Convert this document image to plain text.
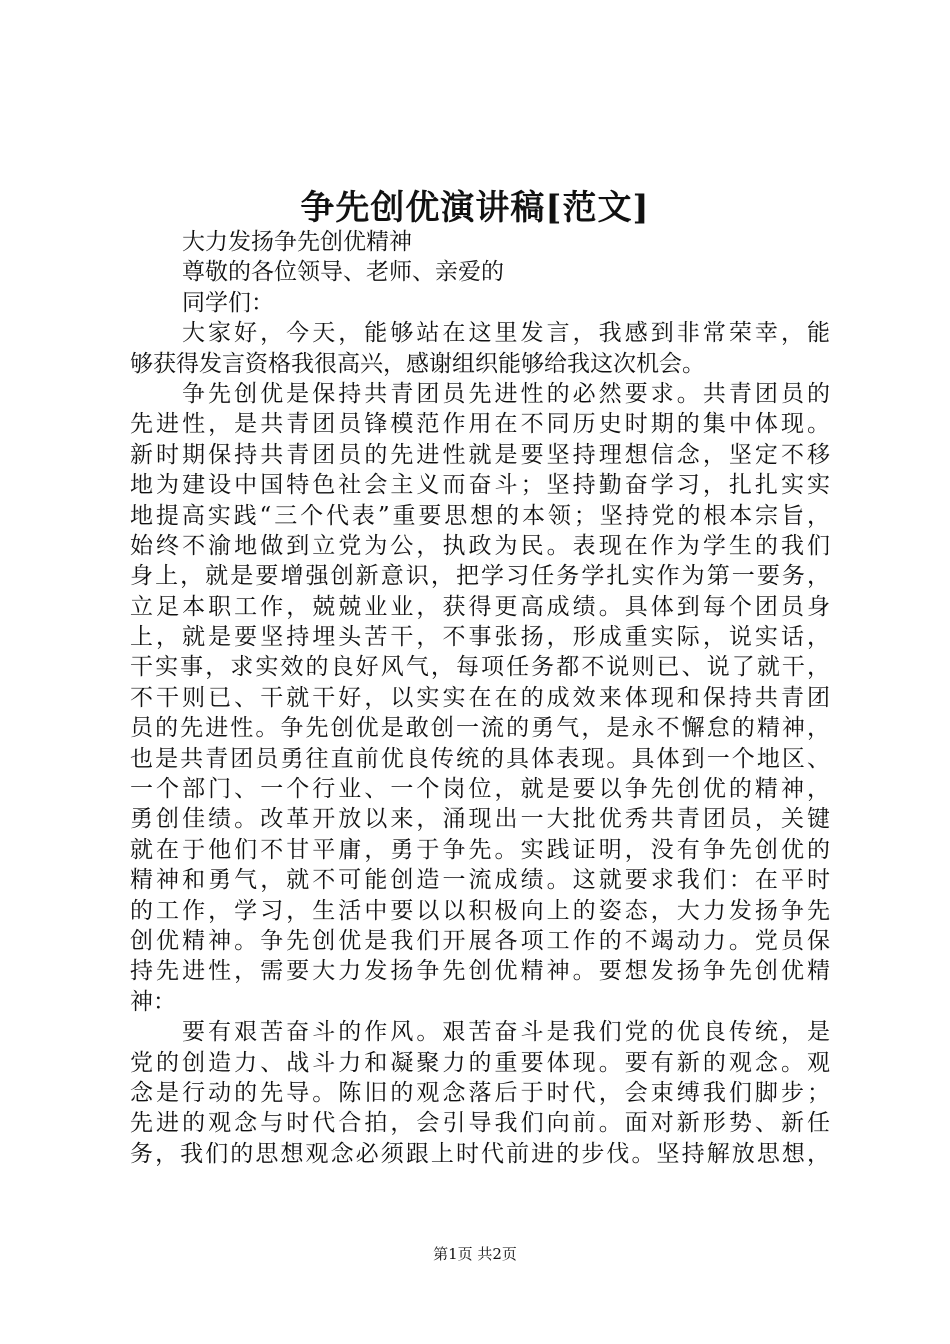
争先创优演讲稿[范文]
大力发扬争先创优精神
尊敬的各位领导、老师、亲爱的
同学们：
大家好，今天，能够站在这里发言，我感到非常荣幸，能
够获得发言资格我很高兴，感谢组织能够给我这次机会。
争先创优是保持共青团员先进性的必然要求。共青团员的
先进性，是共青团员锋模范作用在不同历史时期的集中体现。
新时期保持共青团员的先进性就是要坚持理想信念，坚定不移
地为建设中国特色社会主义而奋斗；坚持勤奋学习，扎扎实实
地提高实践“三个代表”重要思想的本领；坚持党的根本宗旨，
始终不渝地做到立党为公，执政为民。表现在作为学生的我们
身上，就是要增强创新意识，把学习任务学扎实作为第一要务，
立足本职工作，兢兢业业，获得更高成绩。具体到每个团员身
上，就是要坚持埋头苦干，不事张扬，形成重实际，说实话，
干实事，求实效的良好风气，每项任务都不说则已、说了就干，
不干则已、干就干好，以实实在在的成效来体现和保持共青团
员的先进性。争先创优是敢创一流的勇气，是永不懈怠的精神，
也是共青团员勇往直前优良传统的具体表现。具体到一个地区、
一个部门、一个行业、一个岗位，就是要以争先创优的精神，
勇创佳绩。改革开放以来，涌现出一大批优秀共青团员，关键
就在于他们不甘平庸，勇于争先。实践证明，没有争先创优的
精神和勇气，就不可能创造一流成绩。这就要求我们：在平时
的工作，学习，生活中要以以积极向上的姿态，大力发扬争先
创优精神。争先创优是我们开展各项工作的不竭动力。党员保
持先进性，需要大力发扬争先创优精神。要想发扬争先创优精
神：
要有艰苦奋斗的作风。艰苦奋斗是我们党的优良传统，是
党的创造力、战斗力和凝聚力的重要体现。要有新的观念。观
念是行动的先导。陈旧的观念落后于时代，会束缚我们脚步；
先进的观念与时代合拍，会引导我们向前。面对新形势、新任
务，我们的思想观念必须跟上时代前进的步伐。坚持解放思想，
第1页 共2页
